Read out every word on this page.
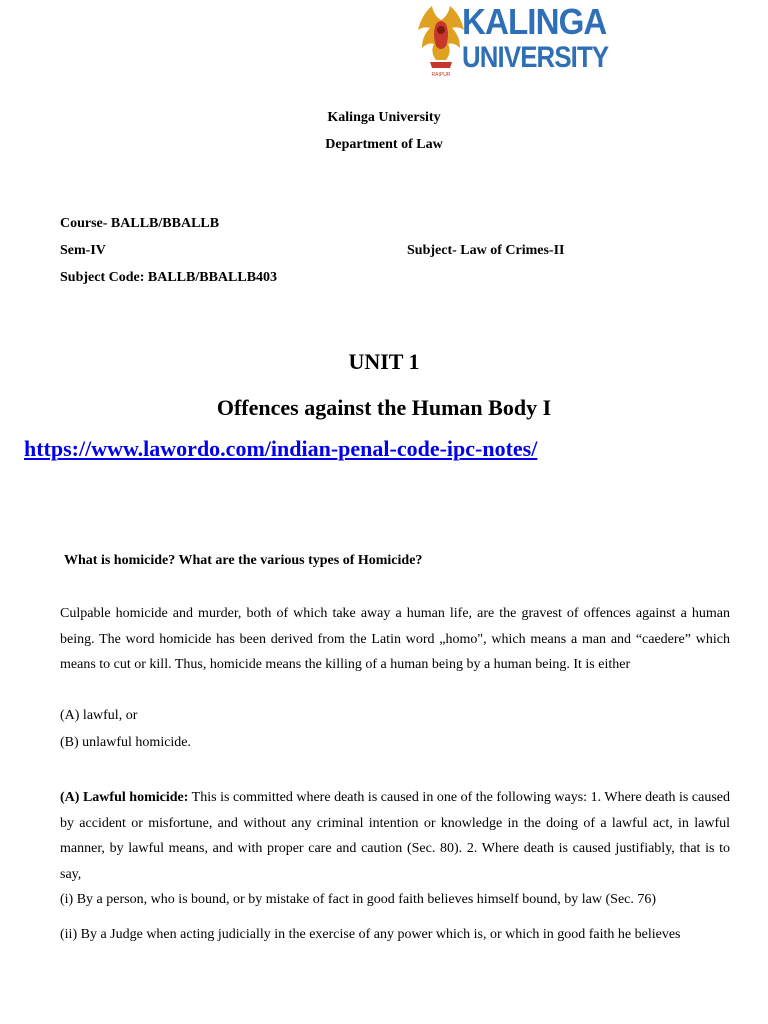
RAIPUR
KALINGA
UNIVERSITY
Kalinga University
Department of Law
Course- BALLB/BBALLB
Sem-IV	Subject- Law of Crimes-II
Subject Code: BALLB/BBALLB403
UNIT 1
Offences against the Human Body I
https://www.lawordo.com/indian-penal-code-ipc-notes/
What is homicide? What are the various types of Homicide?
Culpable homicide and murder, both of which take away a human life, are the gravest of offences against a human being. The word homicide has been derived from the Latin word „homo", which means a man and “caedere” which means to cut or kill. Thus, homicide means the killing of a human being by a human being. It is either
(A) lawful, or
(B) unlawful homicide.
(A) Lawful homicide: This is committed where death is caused in one of the following ways: 1. Where death is caused by accident or misfortune, and without any criminal intention or knowledge in the doing of a lawful act, in lawful manner, by lawful means, and with proper care and caution (Sec. 80). 2. Where death is caused justifiably, that is to say,
(i) By a person, who is bound, or by mistake of fact in good faith believes himself bound, by law (Sec. 76)
(ii) By a Judge when acting judicially in the exercise of any power which is, or which in good faith he believes
